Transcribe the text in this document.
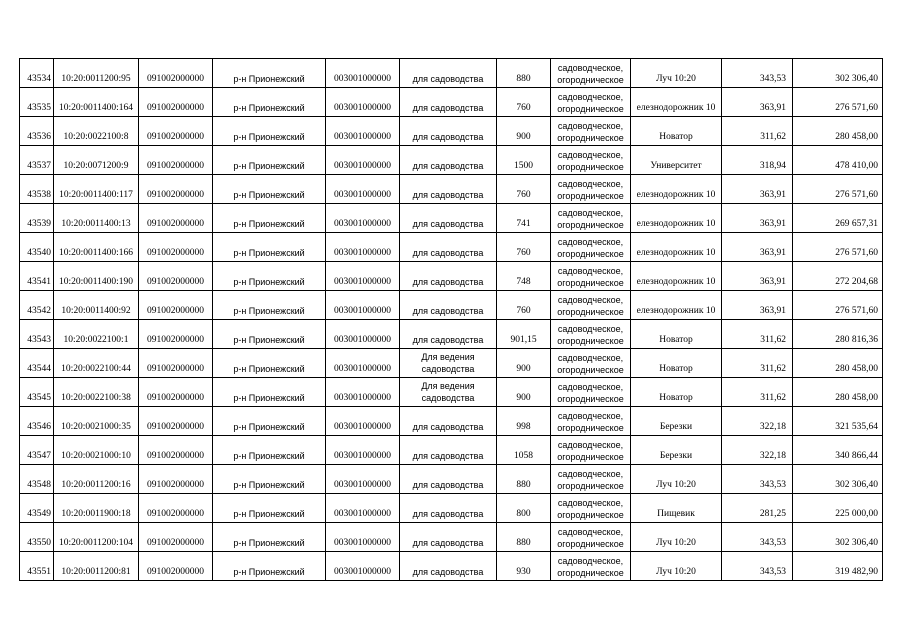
43534	10:20:0011200:95	091002000000	р-н Прионежский	003001000000	для садоводства	880	садоводческое, огородническое	Луч 10:20	343,53	302 306,40
43535	10:20:0011400:164	091002000000	р-н Прионежский	003001000000	для садоводства	760	садоводческое, огородническое	елезнодорожник 10	363,91	276 571,60
43536	10:20:0022100:8	091002000000	р-н Прионежский	003001000000	для садоводства	900	садоводческое, огородническое	Новатор	311,62	280 458,00
43537	10:20:0071200:9	091002000000	р-н Прионежский	003001000000	для садоводства	1500	садоводческое, огородническое	Университет	318,94	478 410,00
43538	10:20:0011400:117	091002000000	р-н Прионежский	003001000000	для садоводства	760	садоводческое, огородническое	елезнодорожник 10	363,91	276 571,60
43539	10:20:0011400:13	091002000000	р-н Прионежский	003001000000	для садоводства	741	садоводческое, огородническое	елезнодорожник 10	363,91	269 657,31
43540	10:20:0011400:166	091002000000	р-н Прионежский	003001000000	для садоводства	760	садоводческое, огородническое	елезнодорожник 10	363,91	276 571,60
43541	10:20:0011400:190	091002000000	р-н Прионежский	003001000000	для садоводства	748	садоводческое, огородническое	елезнодорожник 10	363,91	272 204,68
43542	10:20:0011400:92	091002000000	р-н Прионежский	003001000000	для садоводства	760	садоводческое, огородническое	елезнодорожник 10	363,91	276 571,60
43543	10:20:0022100:1	091002000000	р-н Прионежский	003001000000	для садоводства	901,15	садоводческое, огородническое	Новатор	311,62	280 816,36
43544	10:20:0022100:44	091002000000	р-н Прионежский	003001000000	Для ведения садоводства	900	садоводческое, огородническое	Новатор	311,62	280 458,00
43545	10:20:0022100:38	091002000000	р-н Прионежский	003001000000	Для ведения садоводства	900	садоводческое, огородническое	Новатор	311,62	280 458,00
43546	10:20:0021000:35	091002000000	р-н Прионежский	003001000000	для садоводства	998	садоводческое, огородническое	Березки	322,18	321 535,64
43547	10:20:0021000:10	091002000000	р-н Прионежский	003001000000	для садоводства	1058	садоводческое, огородническое	Березки	322,18	340 866,44
43548	10:20:0011200:16	091002000000	р-н Прионежский	003001000000	для садоводства	880	садоводческое, огородническое	Луч 10:20	343,53	302 306,40
43549	10:20:0011900:18	091002000000	р-н Прионежский	003001000000	для садоводства	800	садоводческое, огородническое	Пищевик	281,25	225 000,00
43550	10:20:0011200:104	091002000000	р-н Прионежский	003001000000	для садоводства	880	садоводческое, огородническое	Луч 10:20	343,53	302 306,40
43551	10:20:0011200:81	091002000000	р-н Прионежский	003001000000	для садоводства	930	садоводческое, огородническое	Луч 10:20	343,53	319 482,90
